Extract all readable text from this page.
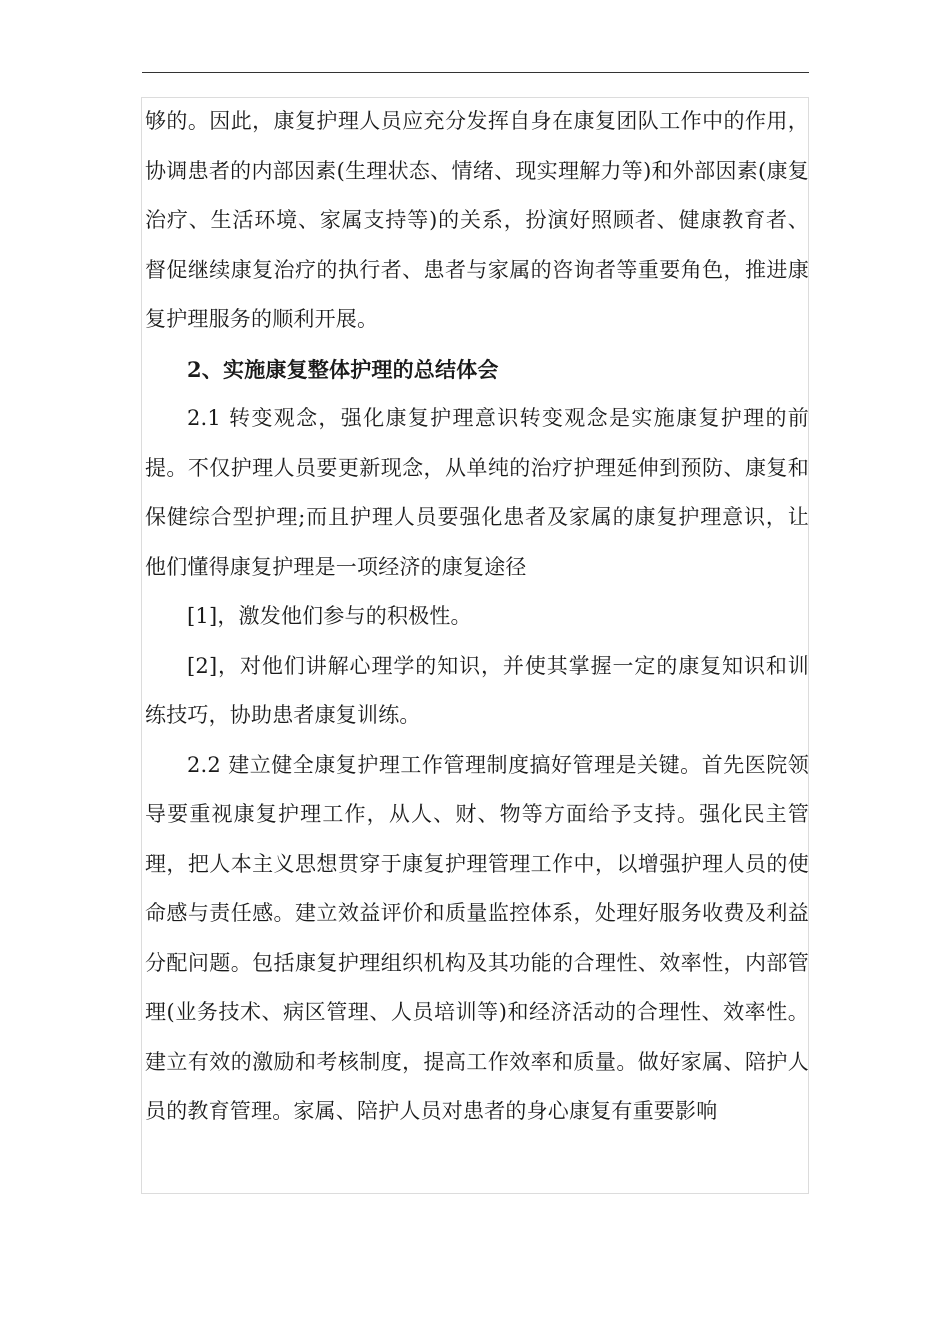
够的。因此，康复护理人员应充分发挥自身在康复团队工作中的作用，协调患者的内部因素(生理状态、情绪、现实理解力等)和外部因素(康复治疗、生活环境、家属支持等)的关系，扮演好照顾者、健康教育者、督促继续康复治疗的执行者、患者与家属的咨询者等重要角色，推进康复护理服务的顺利开展。

2、实施康复整体护理的总结体会

2.1 转变观念，强化康复护理意识转变观念是实施康复护理的前提。不仅护理人员要更新现念，从单纯的治疗护理延伸到预防、康复和保健综合型护理;而且护理人员要强化患者及家属的康复护理意识，让他们懂得康复护理是一项经济的康复途径

[1]，激发他们参与的积极性。

[2]，对他们讲解心理学的知识，并使其掌握一定的康复知识和训练技巧，协助患者康复训练。

2.2 建立健全康复护理工作管理制度搞好管理是关键。首先医院领导要重视康复护理工作，从人、财、物等方面给予支持。强化民主管理，把人本主义思想贯穿于康复护理管理工作中，以增强护理人员的使命感与责任感。建立效益评价和质量监控体系，处理好服务收费及利益分配问题。包括康复护理组织机构及其功能的合理性、效率性，内部管理(业务技术、病区管理、人员培训等)和经济活动的合理性、效率性。建立有效的激励和考核制度，提高工作效率和质量。做好家属、陪护人员的教育管理。家属、陪护人员对患者的身心康复有重要影响
